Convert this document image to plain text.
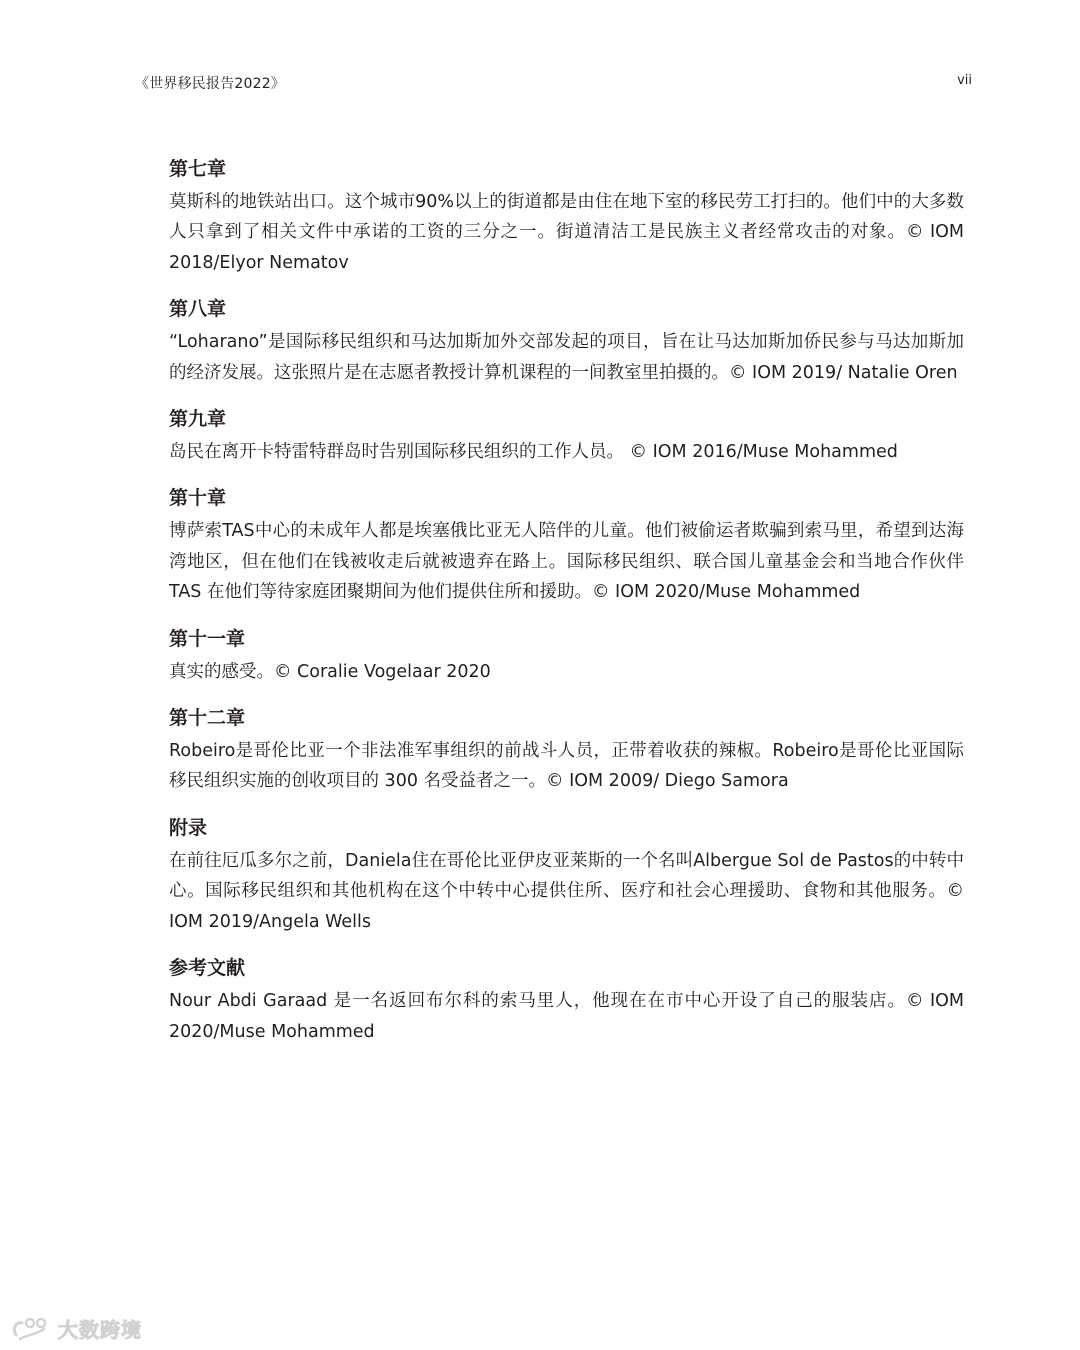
《世界移民报告2022》	vii
第七章

莫斯科的地铁站出口。这个城市90%以上的街道都是由住在地下室的移民劳工打扫的。他们中的大多数人只拿到了相关文件中承诺的工资的三分之一。街道清洁工是民族主义者经常攻击的对象。© IOM 2018/Elyor Nematov

第八章

“Loharano”是国际移民组织和马达加斯加外交部发起的项目，旨在让马达加斯加侨民参与马达加斯加的经济发展。这张照片是在志愿者教授计算机课程的一间教室里拍摄的。© IOM 2019/ Natalie Oren

第九章

岛民在离开卡特雷特群岛时告别国际移民组织的工作人员。 © IOM 2016/Muse Mohammed

第十章

博萨索TAS中心的未成年人都是埃塞俄比亚无人陪伴的儿童。他们被偷运者欺骗到索马里，希望到达海湾地区，但在他们在钱被收走后就被遗弃在路上。国际移民组织、联合国儿童基金会和当地合作伙伴 TAS 在他们等待家庭团聚期间为他们提供住所和援助。© IOM 2020/Muse Mohammed

第十一章

真实的感受。© Coralie Vogelaar 2020

第十二章

Robeiro是哥伦比亚一个非法准军事组织的前战斗人员，正带着收获的辣椒。Robeiro是哥伦比亚国际移民组织实施的创收项目的 300 名受益者之一。© IOM 2009/ Diego Samora

附录

在前往厄瓜多尔之前，Daniela住在哥伦比亚伊皮亚莱斯的一个名叫Albergue Sol de Pastos的中转中心。国际移民组织和其他机构在这个中转中心提供住所、医疗和社会心理援助、食物和其他服务。© IOM 2019/Angela Wells

参考文献

Nour Abdi Garaad 是一名返回布尔科的索马里人，他现在在市中心开设了自己的服装店。© IOM 2020/Muse Mohammed

大数跨境
